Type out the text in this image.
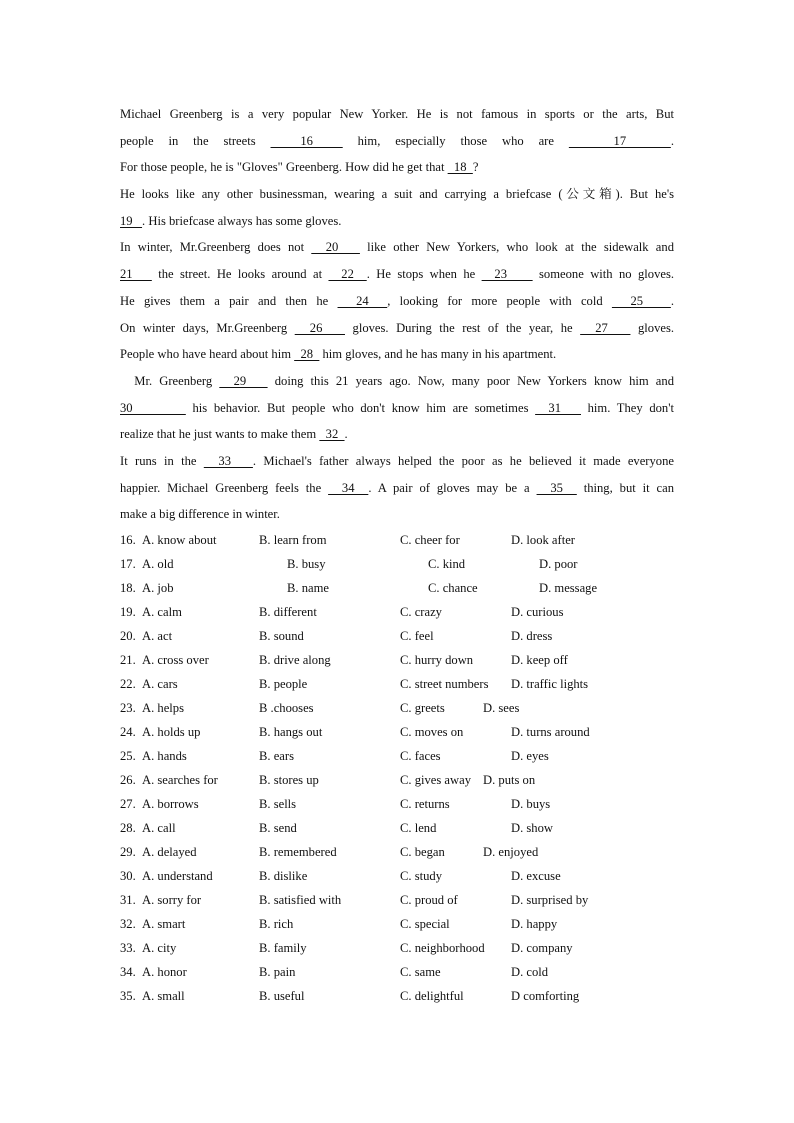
Michael Greenberg is a very popular New Yorker. He is not famous in sports or the arts, But
people in the streets   16   him, especially those who are    17   .
For those people, he is "Gloves" Greenberg. How did he get that   18  ?
He looks like any other businessman, wearing a suit and carrying a briefcase (公文箱). But he's
19   . His briefcase always has some gloves.
In winter, Mr.Greenberg does not   20    like other New Yorkers, who look at the sidewalk and
21    the street. He looks around at   22  . He stops when he   23     someone with no gloves.
He gives them a pair and then he   24  , looking for more people with cold   25   .
On winter days, Mr.Greenberg   26    gloves. During the rest of the year, he   27    gloves.
People who have heard about him   28   him gloves, and he has many in his apartment.
Mr. Greenberg   29    doing this 21 years ago. Now, many poor New Yorkers know him and
30         his behavior. But people who don't know him are sometimes   31    him. They don't
realize that he just wants to make them   32  .
It runs in the   33   . Michael's father always helped the poor as he believed it made everyone
happier. Michael Greenberg feels the   34  . A pair of gloves may be a   35   thing, but it can
make a big difference in winter.
16. A. know about	B. learn from	C. cheer for	D. look after
17. A. old	B. busy	C. kind	D. poor
18. A. job	B. name	C. chance	D. message
19. A. calm	B. different	C. crazy	D. curious
20. A. act	B. sound	C. feel	D. dress
21. A. cross over	B. drive along	C. hurry down	D. keep off
22. A. cars	B. people	C. street numbers D. traffic lights
23. A. helps	B .chooses	C. greets	D. sees
24. A. holds up	B. hangs out	C. moves on	D. turns around
25. A. hands	B. ears	C. faces	D. eyes
26. A. searches for	B. stores up	C. gives away D. puts on
27. A. borrows	B. sells	C. returns	D. buys
28. A. call	B. send	C. lend	D. show
29. A. delayed	B. remembered	C. began	D. enjoyed
30. A. understand	B. dislike	C. study	D. excuse
31. A. sorry for	B. satisfied with	C. proud of	D. surprised by
32. A. smart	B. rich	C. special	D. happy
33. A. city	B. family	C. neighborhood D. company
34. A. honor	B. pain	C. same	D. cold
35. A. small	B. useful	C. delightful	D comforting
